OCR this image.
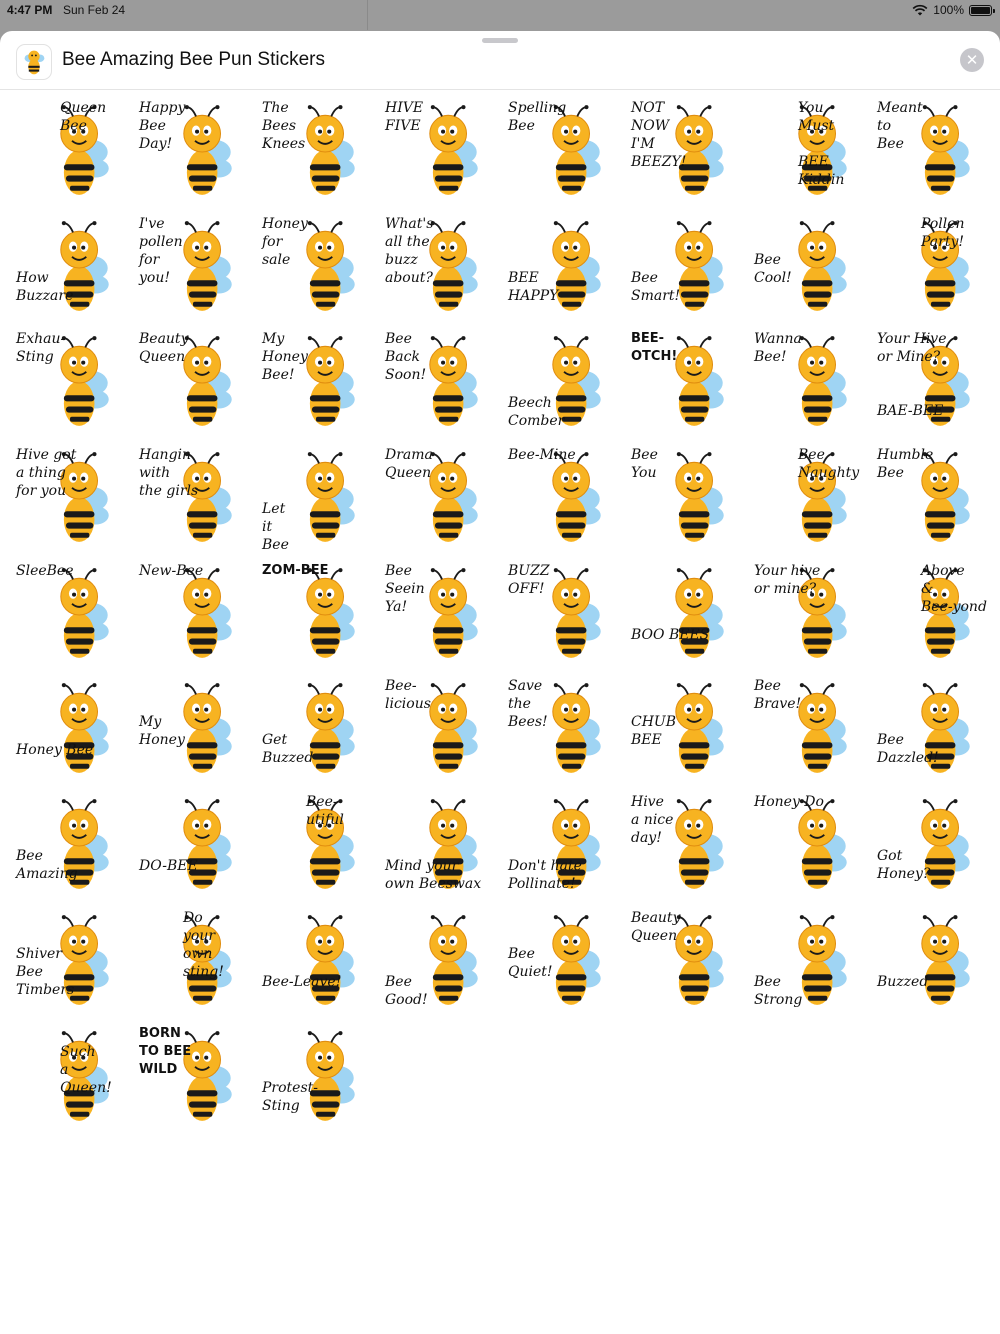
4:47 PM Sun Feb 24	100%
Bee Amazing Bee Pun Stickers	✕
Queen
Bee
Happy
Bee
Day!
The
Bees
Knees
HIVE
FIVE
Spelling
Bee
NOT
NOW
I'M
BEEZY!
You
Must

BEE
Kiddin
Meant
to
Bee

How
Buzzare
I've
pollen
for
you!
Honey
for
sale
What's
all the
buzz
about?	

BEE
HAPPY

Bee
Smart!

Bee
Cool!
Pollen Party!
Exhau-
Sting
Beauty
Queen
My
Honey
Bee!
Bee
Back
Soon!
Beech
Comber
BEE-OTCH!
Wanna
Bee!
Your Hive
or Mine?

BAE-BEE
Hive got
a thing
for you
Hangin with
the girls

Let
it
Bee
Drama
Queen
Bee-Mine	Bee
You
Bee
Naughty
Humble
Bee
SleeBee	New-Bee	ZOM-BEE	Bee
Seein
Ya!
BUZZ
OFF!
BOO BEES
Your hive
or mine?
Above
&
Bee-yond
Honey Bee

My
Honey	

Get
Buzzed
Bee-licious
Save
the
Bees!	

CHUB
BEE
Bee
Brave!

Bee
Dazzled!

Bee
Amazing	DO-BEE
Bee-
utiful
Mind your
own Beeswax
Don't hate
Pollinate!
Hive
a nice
day!
Honey Do

Got
Honey?

Shiver
Bee
Timbers
Do
your
own
sting!
Bee-Leave!	Bee
Good!

Bee
Quiet!
Beauty
Queen
Bee
Strong
Buzzed

Such
a
Queen!
BORN
TO BEE
WILD

Protest-
Sting
